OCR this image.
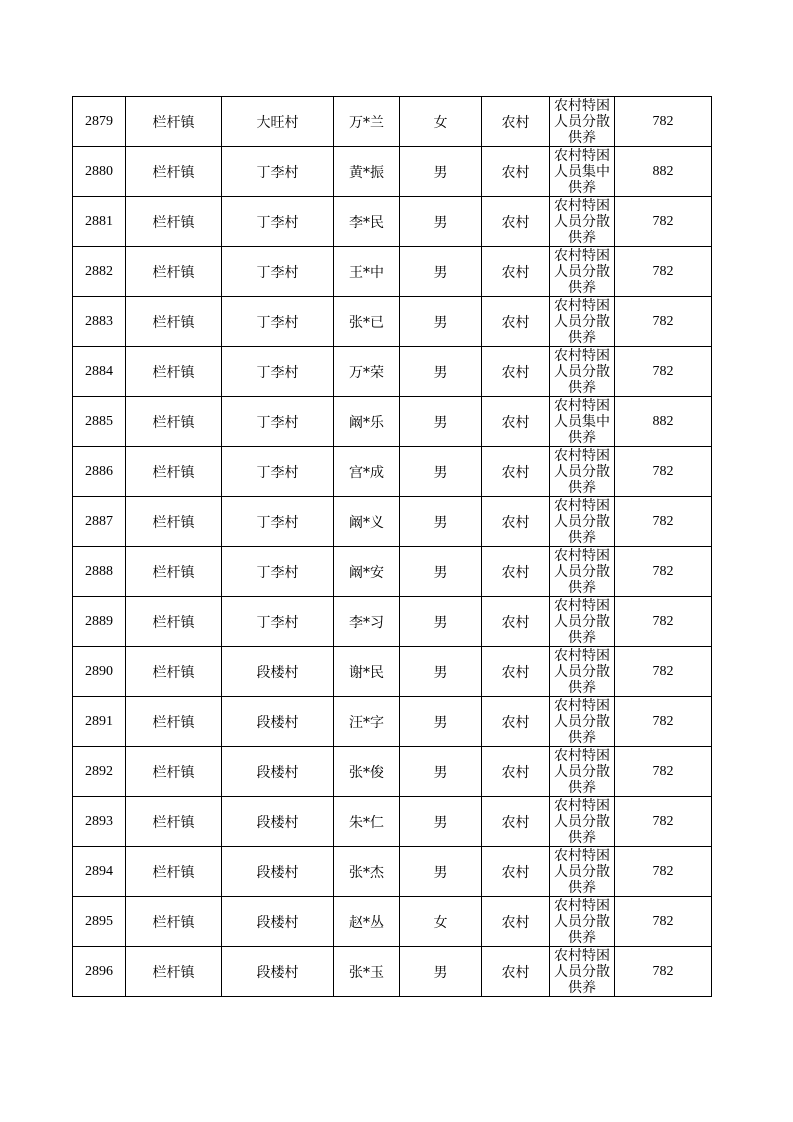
2879	栏杆镇	大旺村	万*兰	女	农村	农村特困人员分散供养	782
2880	栏杆镇	丁李村	黄*振	男	农村	农村特困人员集中供养	882
2881	栏杆镇	丁李村	李*民	男	农村	农村特困人员分散供养	782
2882	栏杆镇	丁李村	王*中	男	农村	农村特困人员分散供养	782
2883	栏杆镇	丁李村	张*已	男	农村	农村特困人员分散供养	782
2884	栏杆镇	丁李村	万*荣	男	农村	农村特困人员分散供养	782
2885	栏杆镇	丁李村	阚*乐	男	农村	农村特困人员集中供养	882
2886	栏杆镇	丁李村	宫*成	男	农村	农村特困人员分散供养	782
2887	栏杆镇	丁李村	阚*义	男	农村	农村特困人员分散供养	782
2888	栏杆镇	丁李村	阚*安	男	农村	农村特困人员分散供养	782
2889	栏杆镇	丁李村	李*习	男	农村	农村特困人员分散供养	782
2890	栏杆镇	段楼村	谢*民	男	农村	农村特困人员分散供养	782
2891	栏杆镇	段楼村	汪*字	男	农村	农村特困人员分散供养	782
2892	栏杆镇	段楼村	张*俊	男	农村	农村特困人员分散供养	782
2893	栏杆镇	段楼村	朱*仁	男	农村	农村特困人员分散供养	782
2894	栏杆镇	段楼村	张*杰	男	农村	农村特困人员分散供养	782
2895	栏杆镇	段楼村	赵*丛	女	农村	农村特困人员分散供养	782
2896	栏杆镇	段楼村	张*玉	男	农村	农村特困人员分散供养	782
